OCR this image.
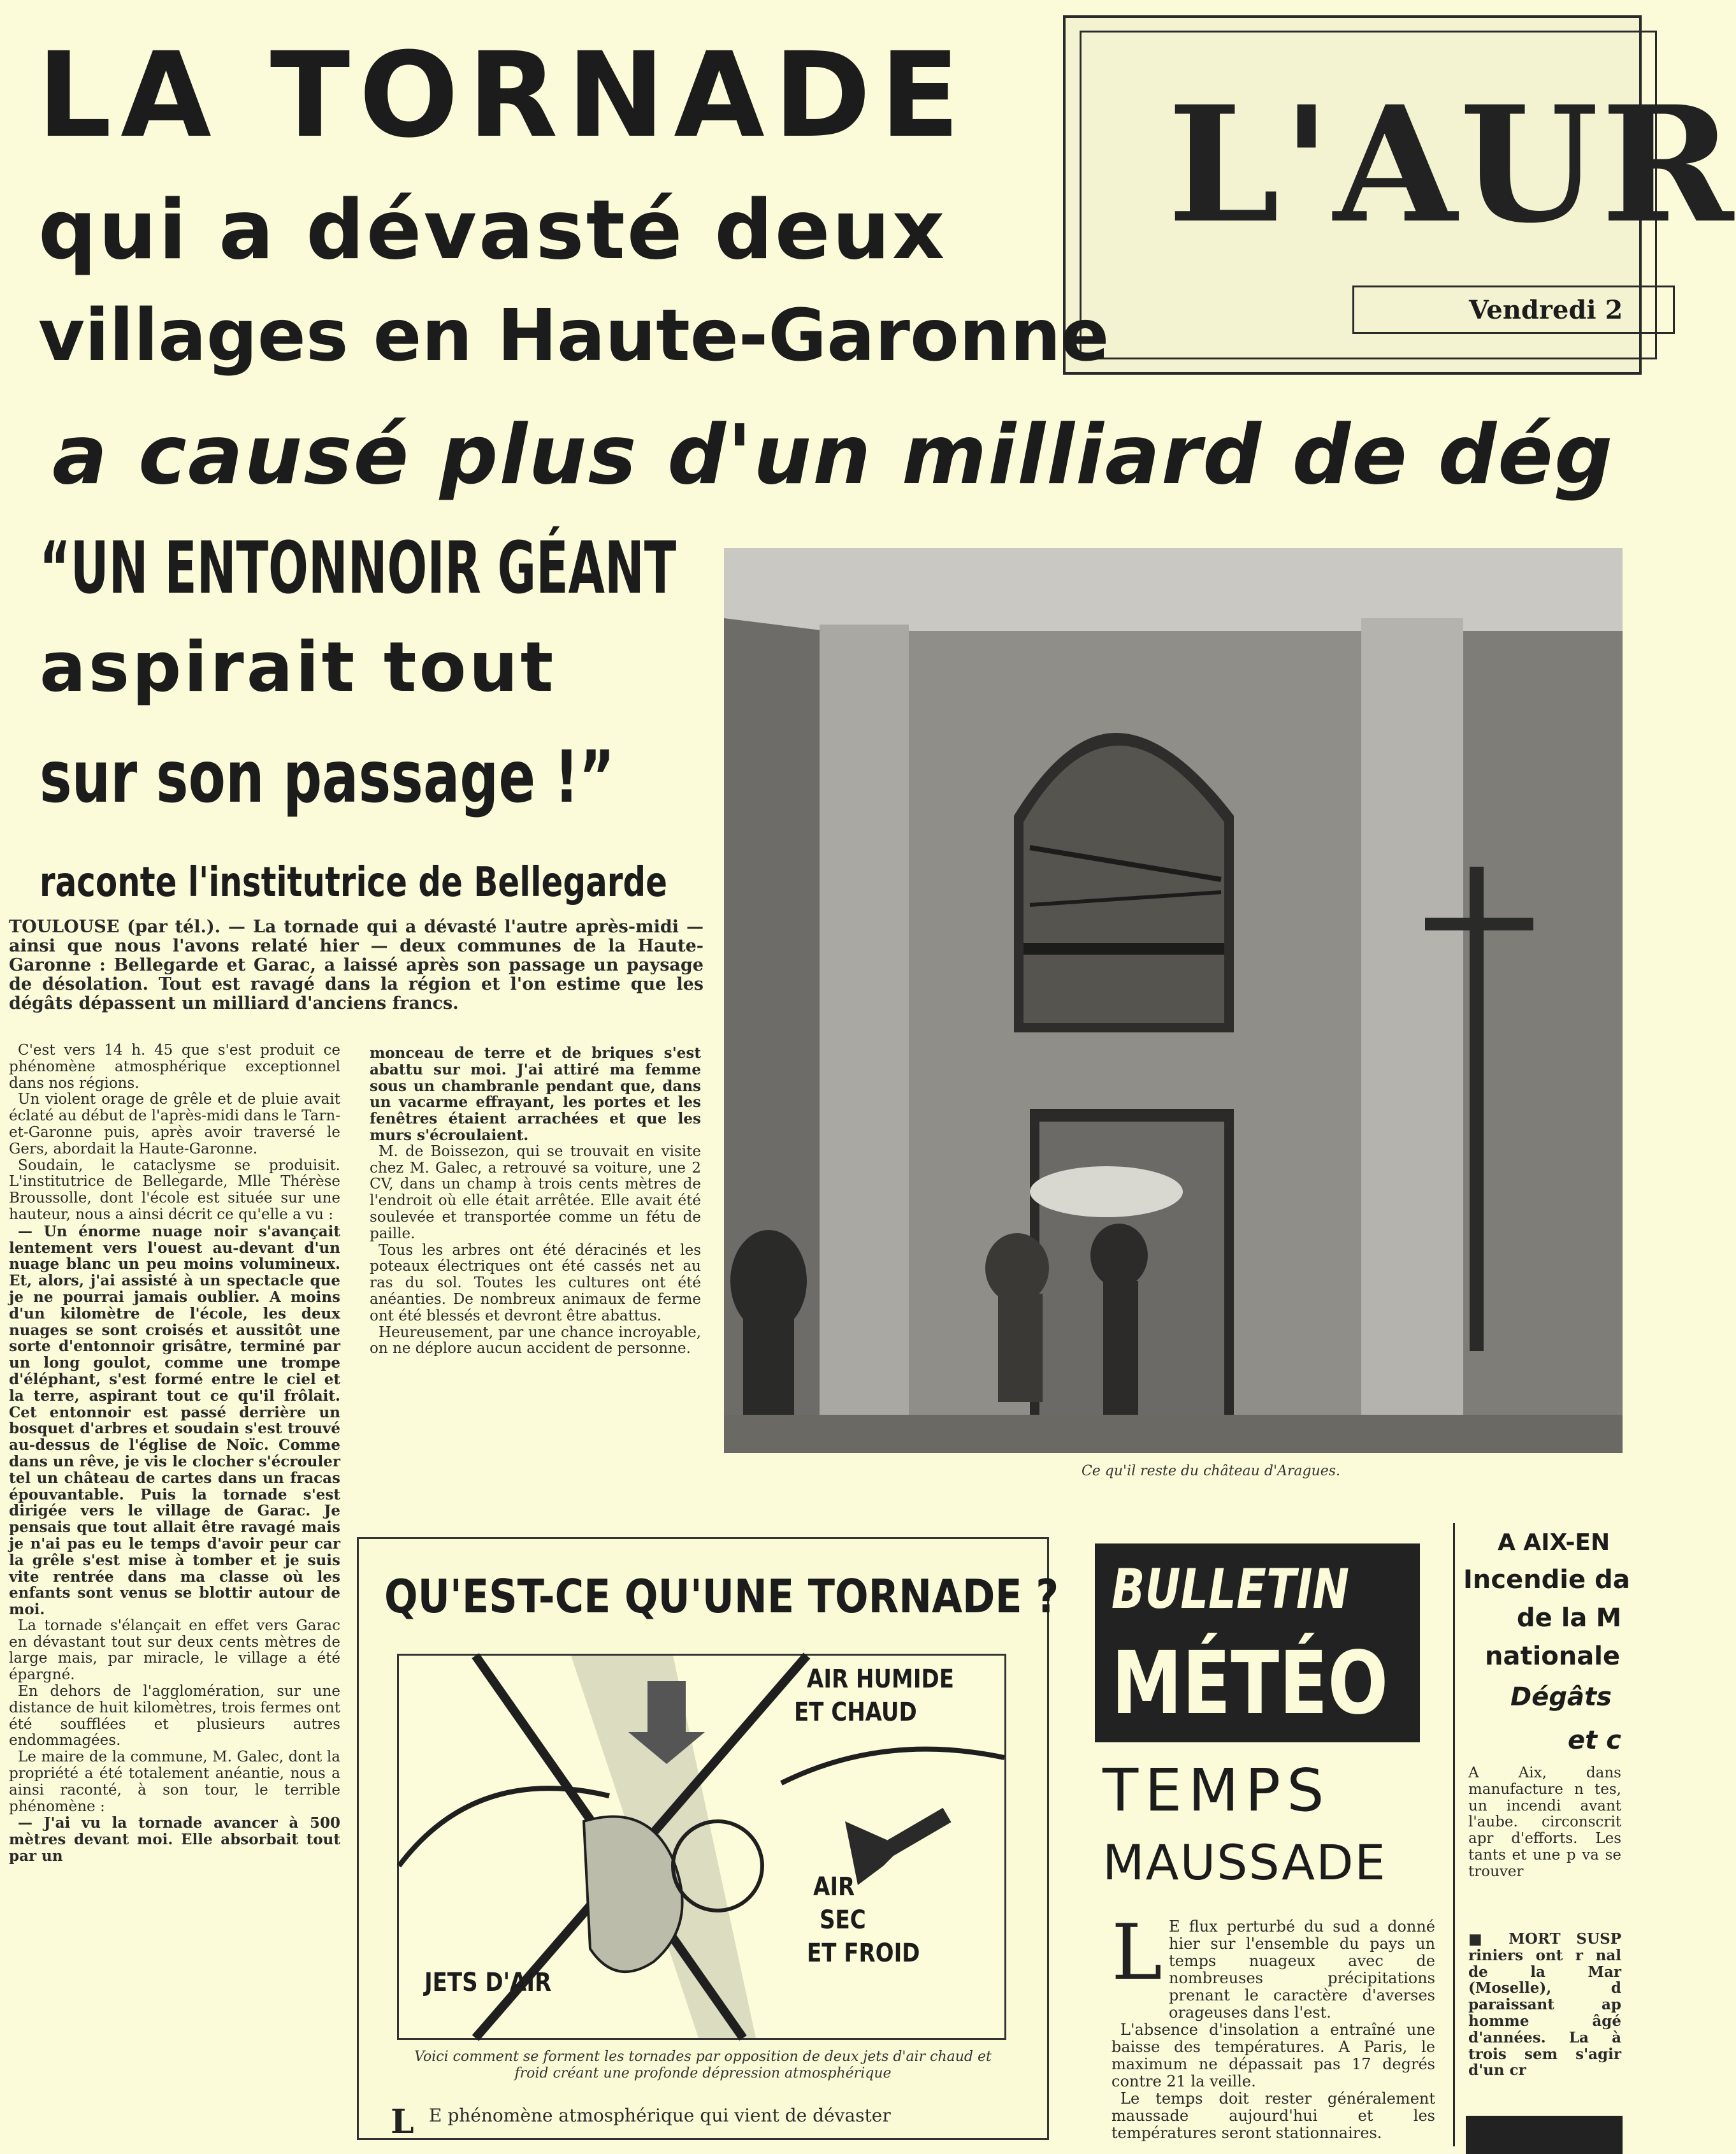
L'AUR
Vendredi 2
LA TORNADE
qui a dévasté deux
villages en Haute-Garonne
a causé plus d'un milliard de dég
“UN ENTONNOIR GÉANT
aspirait tout
sur son passage !”
raconte l'institutrice de Bellegarde
TOULOUSE (par tél.). — La tornade qui a dévasté l'autre après-midi — ainsi que nous l'avons relaté hier — deux communes de la Haute-Garonne : Bellegarde et Garac, a laissé après son passage un paysage de désolation. Tout est ravagé dans la région et l'on estime que les dégâts dépassent un milliard d'anciens francs.

C'est vers 14 h. 45 que s'est produit ce phénomène atmosphérique exceptionnel dans nos régions.

Un violent orage de grêle et de pluie avait éclaté au début de l'après-midi dans le Tarn-et-Garonne puis, après avoir traversé le Gers, abordait la Haute-Garonne.

Soudain, le cataclysme se produisit. L'institutrice de Bellegarde, Mlle Thérèse Broussolle, dont l'école est située sur une hauteur, nous a ainsi décrit ce qu'elle a vu :

— Un énorme nuage noir s'avançait lentement vers l'ouest au-devant d'un nuage blanc un peu moins volumineux. Et, alors, j'ai assisté à un spectacle que je ne pourrai jamais oublier. A moins d'un kilomètre de l'école, les deux nuages se sont croisés et aussitôt une sorte d'entonnoir grisâtre, terminé par un long goulot, comme une trompe d'éléphant, s'est formé entre le ciel et la terre, aspirant tout ce qu'il frôlait. Cet entonnoir est passé derrière un bosquet d'arbres et soudain s'est trouvé au-dessus de l'église de Noïc. Comme dans un rêve, je vis le clocher s'écrouler tel un château de cartes dans un fracas épouvantable. Puis la tornade s'est dirigée vers le village de Garac. Je pensais que tout allait être ravagé mais je n'ai pas eu le temps d'avoir peur car la grêle s'est mise à tomber et je suis vite rentrée dans ma classe où les enfants sont venus se blottir autour de moi.

La tornade s'élançait en effet vers Garac en dévastant tout sur deux cents mètres de large mais, par miracle, le village a été épargné.

En dehors de l'agglomération, sur une distance de huit kilomètres, trois fermes ont été soufflées et plusieurs autres endommagées.

Le maire de la commune, M. Galec, dont la propriété a été totalement anéantie, nous a ainsi raconté, à son tour, le terrible phénomène :

— J'ai vu la tornade avancer à 500 mètres devant moi. Elle absorbait tout par un

monceau de terre et de briques s'est abattu sur moi. J'ai attiré ma femme sous un chambranle pendant que, dans un vacarme effrayant, les portes et les fenêtres étaient arrachées et que les murs s'écroulaient.

M. de Boissezon, qui se trouvait en visite chez M. Galec, a retrouvé sa voiture, une 2 CV, dans un champ à trois cents mètres de l'endroit où elle était arrêtée. Elle avait été soulevée et transportée comme un fétu de paille.

Tous les arbres ont été déracinés et les poteaux électriques ont été cassés net au ras du sol. Toutes les cultures ont été anéanties. De nombreux animaux de ferme ont été blessés et devront être abattus.

Heureusement, par une chance incroyable, on ne déplore aucun accident de personne.

Ce qu'il reste du château d'Aragues.
QU'EST-CE QU'UNE TORNADE ?
AIR HUMIDE
ET CHAUD
AIR
SEC
ET FROID
JETS D'AIR
Voici comment se forment les tornades par opposition de deux jets d'air chaud et froid créant une profonde dépression atmosphérique
L E phénomène atmosphérique qui vient de dévaster
BULLETIN
MÉTÉO
TEMPS
MAUSSADE
L E flux perturbé du sud a donné hier sur l'ensemble du pays un temps nuageux avec de nombreuses précipitations prenant le caractère d'averses orageuses dans l'est.

L'absence d'insolation a entraîné une baisse des températures. A Paris, le maximum ne dépassait pas 17 degrés contre 21 la veille.

Le temps doit rester généralement maussade aujourd'hui et les températures seront stationnaires.

A AIX-EN
Incendie da
de la M
nationale
Dégâts
et c
A Aix, dans manufacture n tes, un incendi avant l'aube. circonscrit apr d'efforts. Les tants et une p va se trouver
■ MORT SUSP riniers ont r nal de la Mar (Moselle), d paraissant ap homme âgé d'années. La à trois sem s'agir d'un cr
